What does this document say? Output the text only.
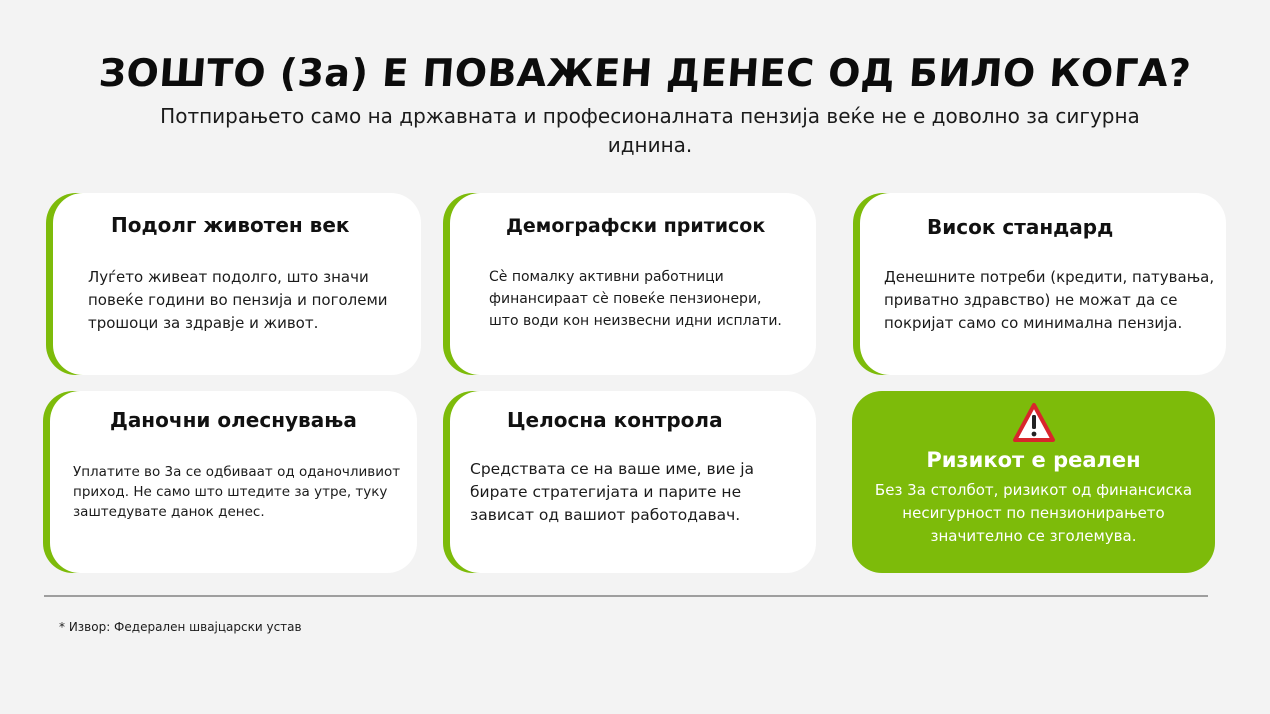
ЗОШТО (3а) Е ПОВАЖЕН ДЕНЕС ОД БИЛО КОГА?
Потпирањето само на државната и професионалната пензија веќе не е доволно за сигурна иднина.
Подолг животен век
Луѓето живеат подолго, што значи повеќе години во пензија и поголеми трошоци за здравје и живот.
Демографски притисок
Сè помалку активни работници финансираат сè повеќе пензионери, што води кон неизвесни идни исплати.
Висок стандард
Денешните потреби (кредити, патувања, приватно здравство) не можат да се покријат само со минимална пензија.
Даночни олеснувања
Уплатите во 3а се одбиваат од оданочливиот приход. Не само што штедите за утре, туку заштедувате данок денес.
Целосна контрола
Средствата се на ваше име, вие ја бирате стратегијата и парите не зависат од вашиот работодавач.
Ризикот е реален
Без 3а столбот, ризикот од финансиска несигурност по пензионирањето значително се зголемува.
* Извор: Федерален швајцарски устав
